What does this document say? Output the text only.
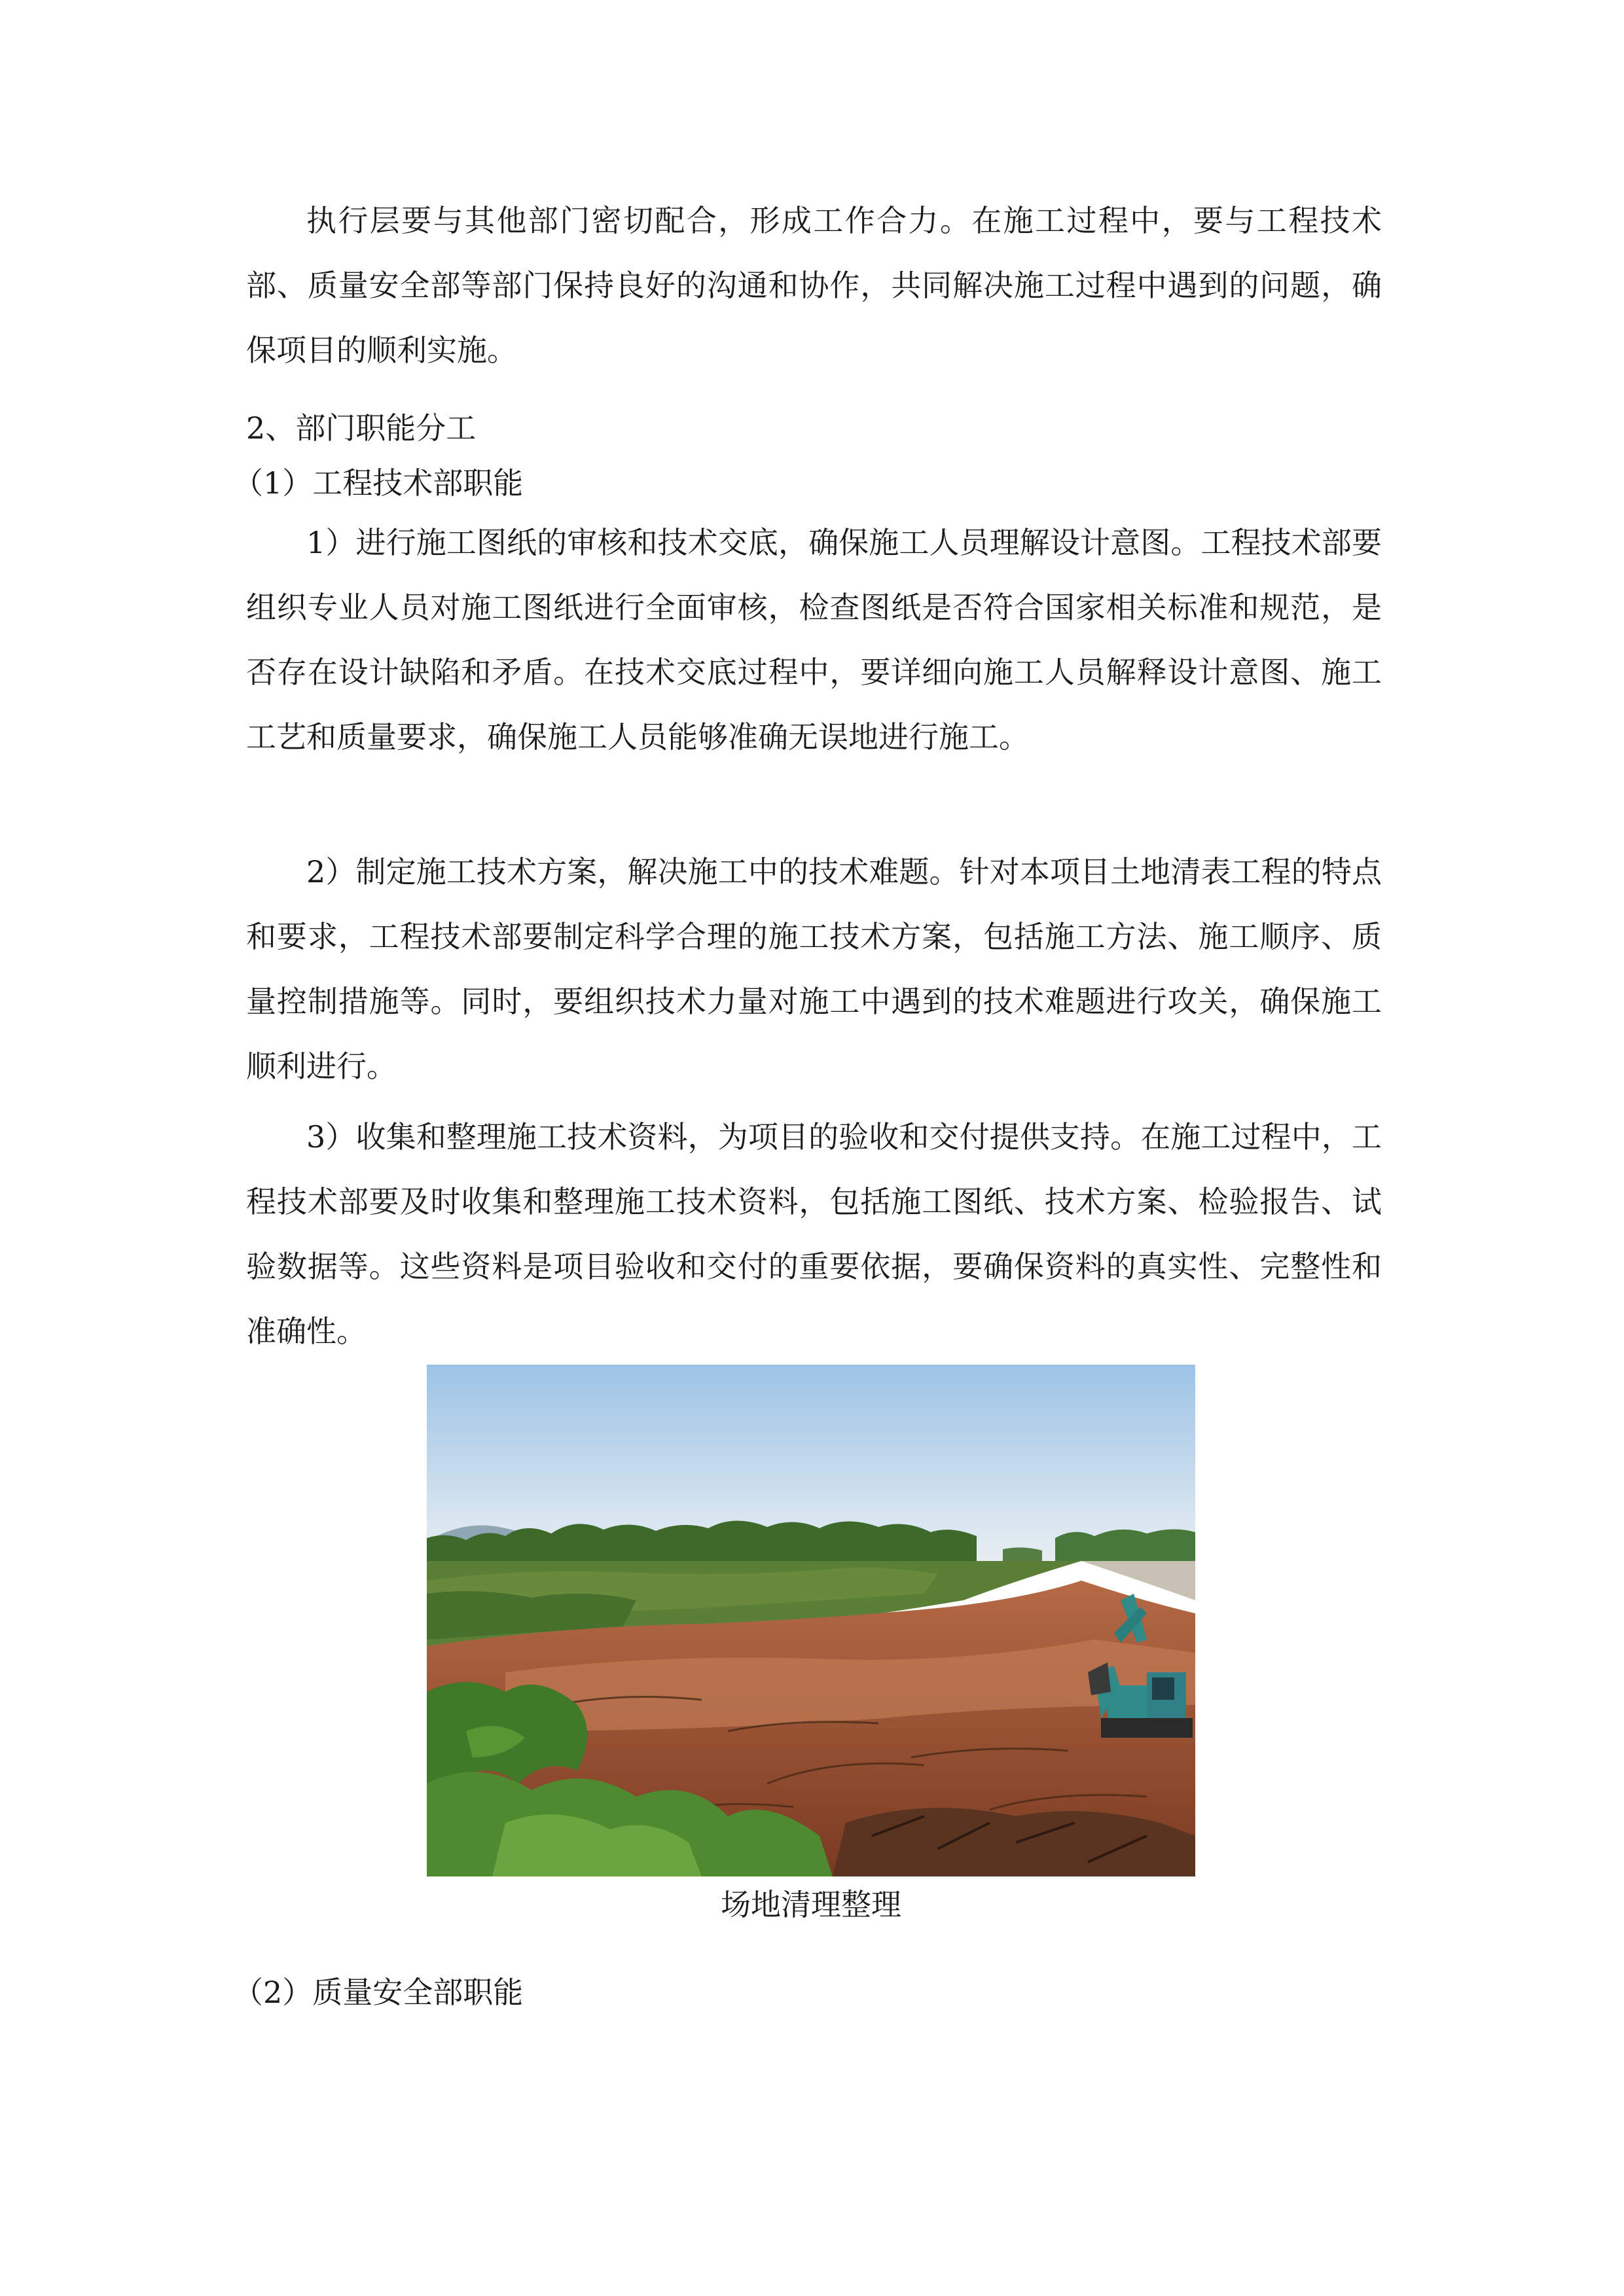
执行层要与其他部门密切配合，形成工作合力。在施工过程中，要与工程技术部、质量安全部等部门保持良好的沟通和协作，共同解决施工过程中遇到的问题，确保项目的顺利实施。

2、部门职能分工

（1）工程技术部职能

1）进行施工图纸的审核和技术交底，确保施工人员理解设计意图。工程技术部要组织专业人员对施工图纸进行全面审核，检查图纸是否符合国家相关标准和规范，是否存在设计缺陷和矛盾。在技术交底过程中，要详细向施工人员解释设计意图、施工工艺和质量要求，确保施工人员能够准确无误地进行施工。

2）制定施工技术方案，解决施工中的技术难题。针对本项目土地清表工程的特点和要求，工程技术部要制定科学合理的施工技术方案，包括施工方法、施工顺序、质量控制措施等。同时，要组织技术力量对施工中遇到的技术难题进行攻关，确保施工顺利进行。

3）收集和整理施工技术资料，为项目的验收和交付提供支持。在施工过程中，工程技术部要及时收集和整理施工技术资料，包括施工图纸、技术方案、检验报告、试验数据等。这些资料是项目验收和交付的重要依据，要确保资料的真实性、完整性和准确性。

场地清理整理

（2）质量安全部职能
